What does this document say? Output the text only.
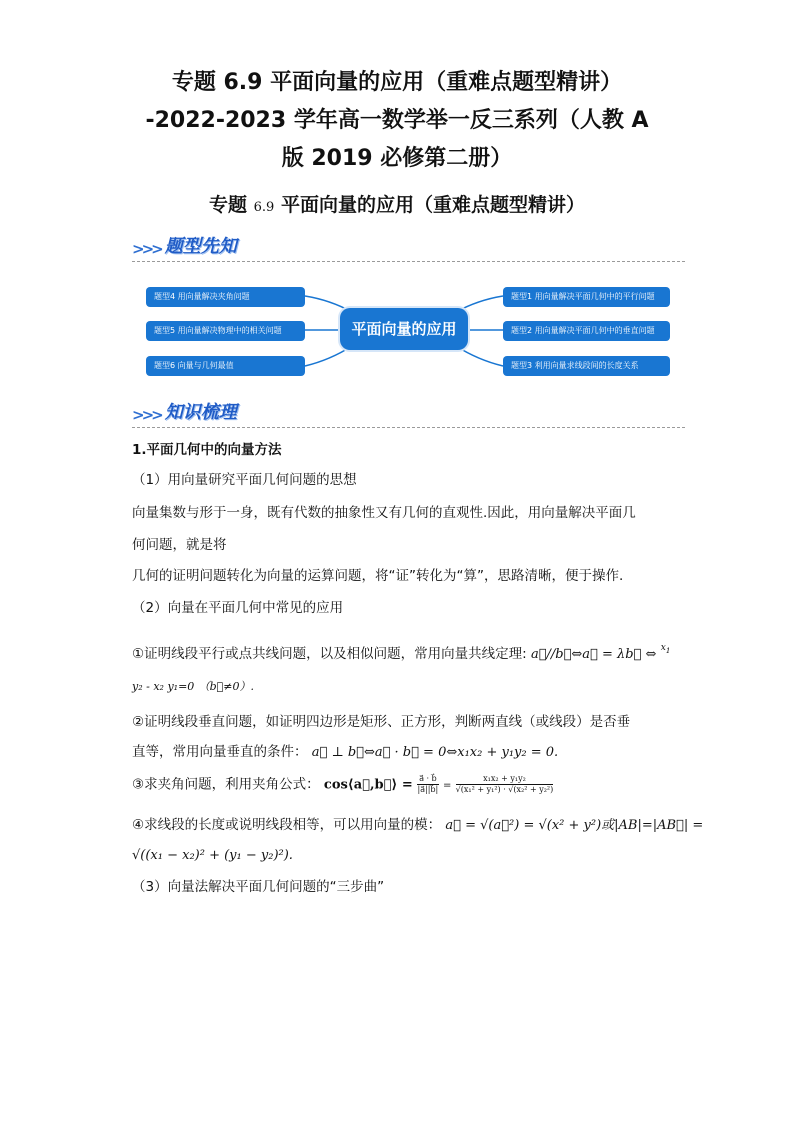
专题 6.9 平面向量的应用（重难点题型精讲）
-2022-2023 学年高一数学举一反三系列（人教 A
版 2019 必修第二册）
专题 6.9 平面向量的应用（重难点题型精讲）
>>> 题型先知
题型4 用向量解决夹角问题
题型5 用向量解决物理中的相关问题
题型6 向量与几何最值
平面向量的应用
题型1 用向量解决平面几何中的平行问题
题型2 用向量解决平面几何中的垂直问题
题型3 利用向量求线段间的长度关系
>>> 知识梳理
1.平面几何中的向量方法
（1）用向量研究平面几何问题的思想
向量集数与形于一身，既有代数的抽象性又有几何的直观性.因此，用向量解决平面几
何问题，就是将
几何的证明问题转化为向量的运算问题，将“证”转化为“算”，思路清晰，便于操作.
（2）向量在平面几何中常见的应用
①证明线段平行或点共线问题，以及相似问题，常用向量共线定理: a⃗//b⃗⇔a⃗ = λb⃗ ⇔ $^{x_1}$
y₂ - x₂ y₁=0 （b⃗≠0）.
②证明线段垂直问题，如证明四边形是矩形、正方形，判断两直线（或线段）是否垂
直等，常用向量垂直的条件： a⃗ ⊥ b⃗⇔a⃗ · b⃗ = 0⇔x₁x₂ + y₁y₂ = 0.
③求夹角问题，利用夹角公式： cos⟨a⃗,b⃗⟩ = $\frac{a⃗ \cdot b⃗}{|a⃗||b⃗|} = \frac{\text{x₁x₂ + y₁y₂}}{\text{√(x₁² + y₁²) · √(x₂² + y₂²)}}$
④求线段的长度或说明线段相等，可以用向量的模： a⃗ = √(a⃗²) = √(x² + y²)或|AB|=|AB⃗| =
√((x₁ − x₂)² + (y₁ − y₂)²).
（3）向量法解决平面几何问题的“三步曲”
